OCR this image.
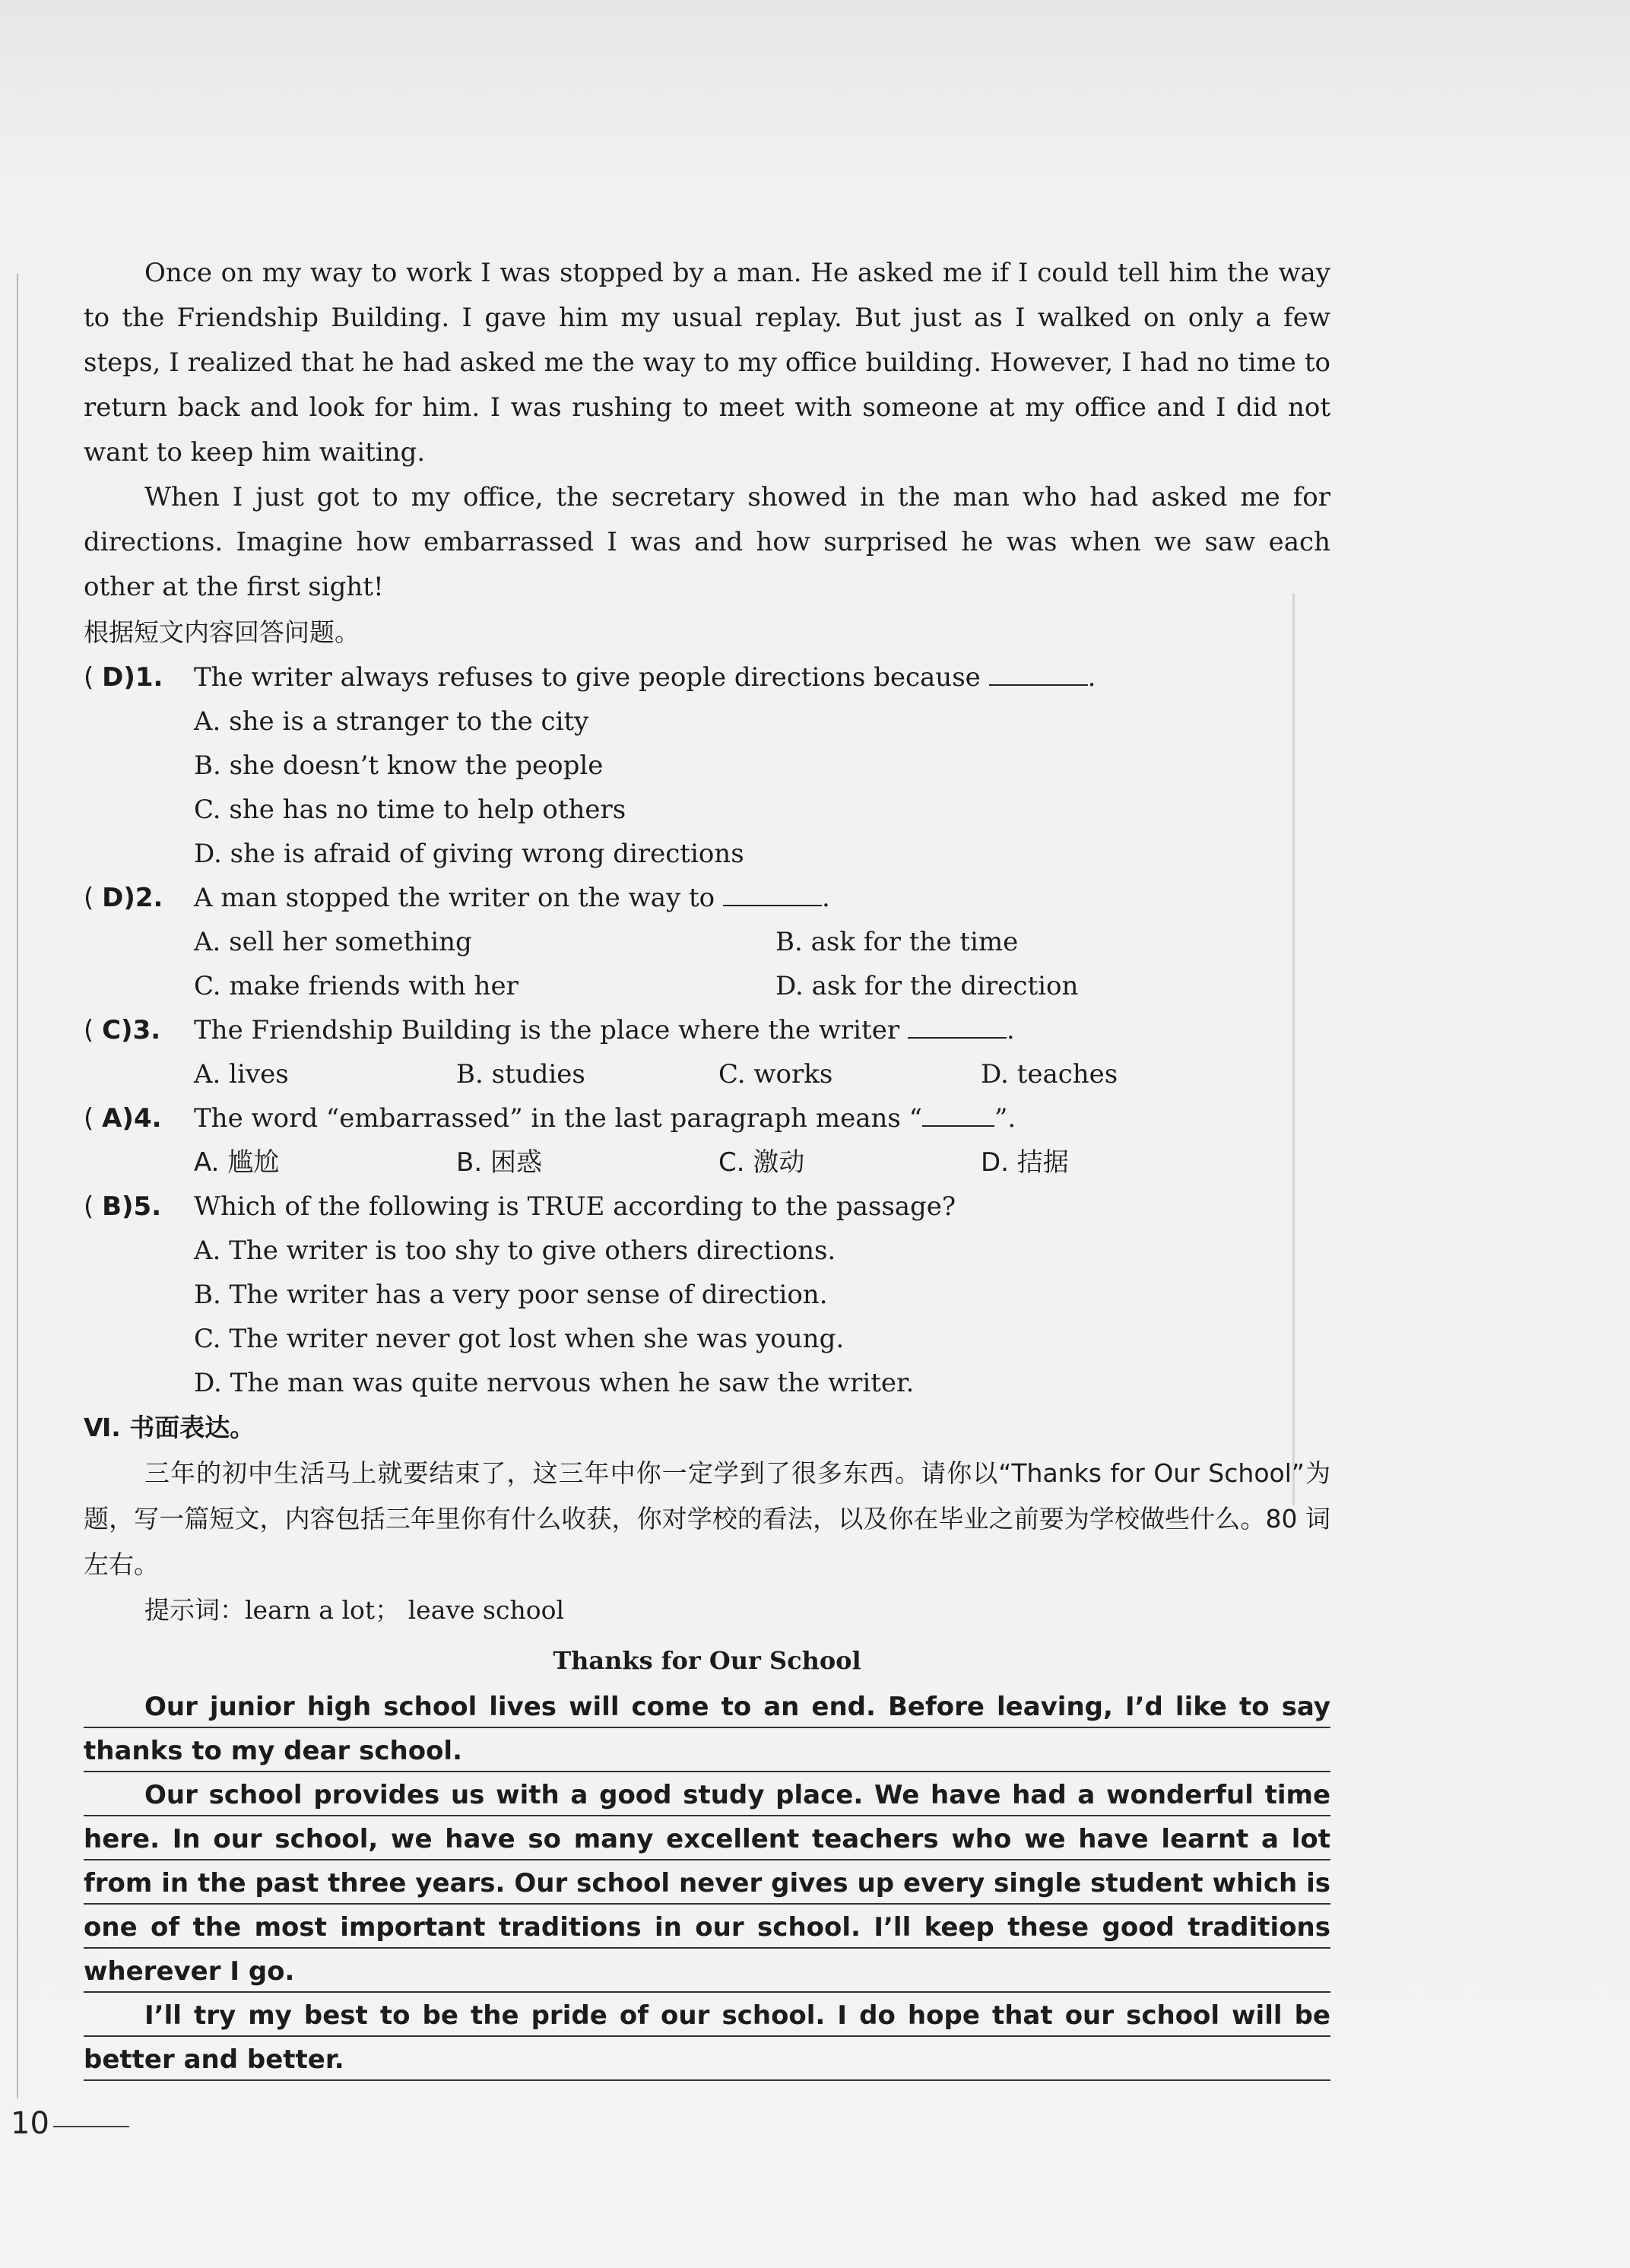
Once on my way to work I was stopped by a man. He asked me if I could tell him the way to the Friendship Building. I gave him my usual replay. But just as I walked on only a few steps, I realized that he had asked me the way to my office building. However, I had no time to return back and look for him. I was rushing to meet with someone at my office and I did not want to keep him waiting.

When I just got to my office, the secretary showed in the man who had asked me for directions. Imagine how embarrassed I was and how surprised he was when we saw each other at the first sight!

根据短文内容回答问题。
( D)1.	The writer always refuses to give people directions because	.
A. she is a stranger to the city
B. she doesn’t know the people
C. she has no time to help others
D. she is afraid of giving wrong directions
( D)2.	A man stopped the writer on the way to	.
A. sell her something	B. ask for the time
C. make friends with her	D. ask for the direction
( C)3.	The Friendship Building is the place where the writer	.
A. lives	B. studies	C. works	D. teaches
( A)4.	The word “embarrassed” in the last paragraph means “	”.
A. 尴尬	B. 困惑	C. 激动	D. 拮据
( B)5.	Which of the following is TRUE according to the passage?
A. The writer is too shy to give others directions.
B. The writer has a very poor sense of direction.
C. The writer never got lost when she was young.
D. The man was quite nervous when he saw the writer.
Ⅵ. 书面表达。

三年的初中生活马上就要结束了，这三年中你一定学到了很多东西。请你以“Thanks for Our School”为题，写一篇短文，内容包括三年里你有什么收获，你对学校的看法，以及你在毕业之前要为学校做些什么。80 词左右。

提示词：learn a lot； leave school
Thanks for Our School

Our junior high school lives will come to an end. Before leaving, I’d like to say thanks to my dear school.

Our school provides us with a good study place. We have had a wonderful time here. In our school, we have so many excellent teachers who we have learnt a lot from in the past three years. Our school never gives up every single student which is one of the most important traditions in our school. I’ll keep these good traditions wherever I go.

I’ll try my best to be the pride of our school. I do hope that our school will be better and better.

10
